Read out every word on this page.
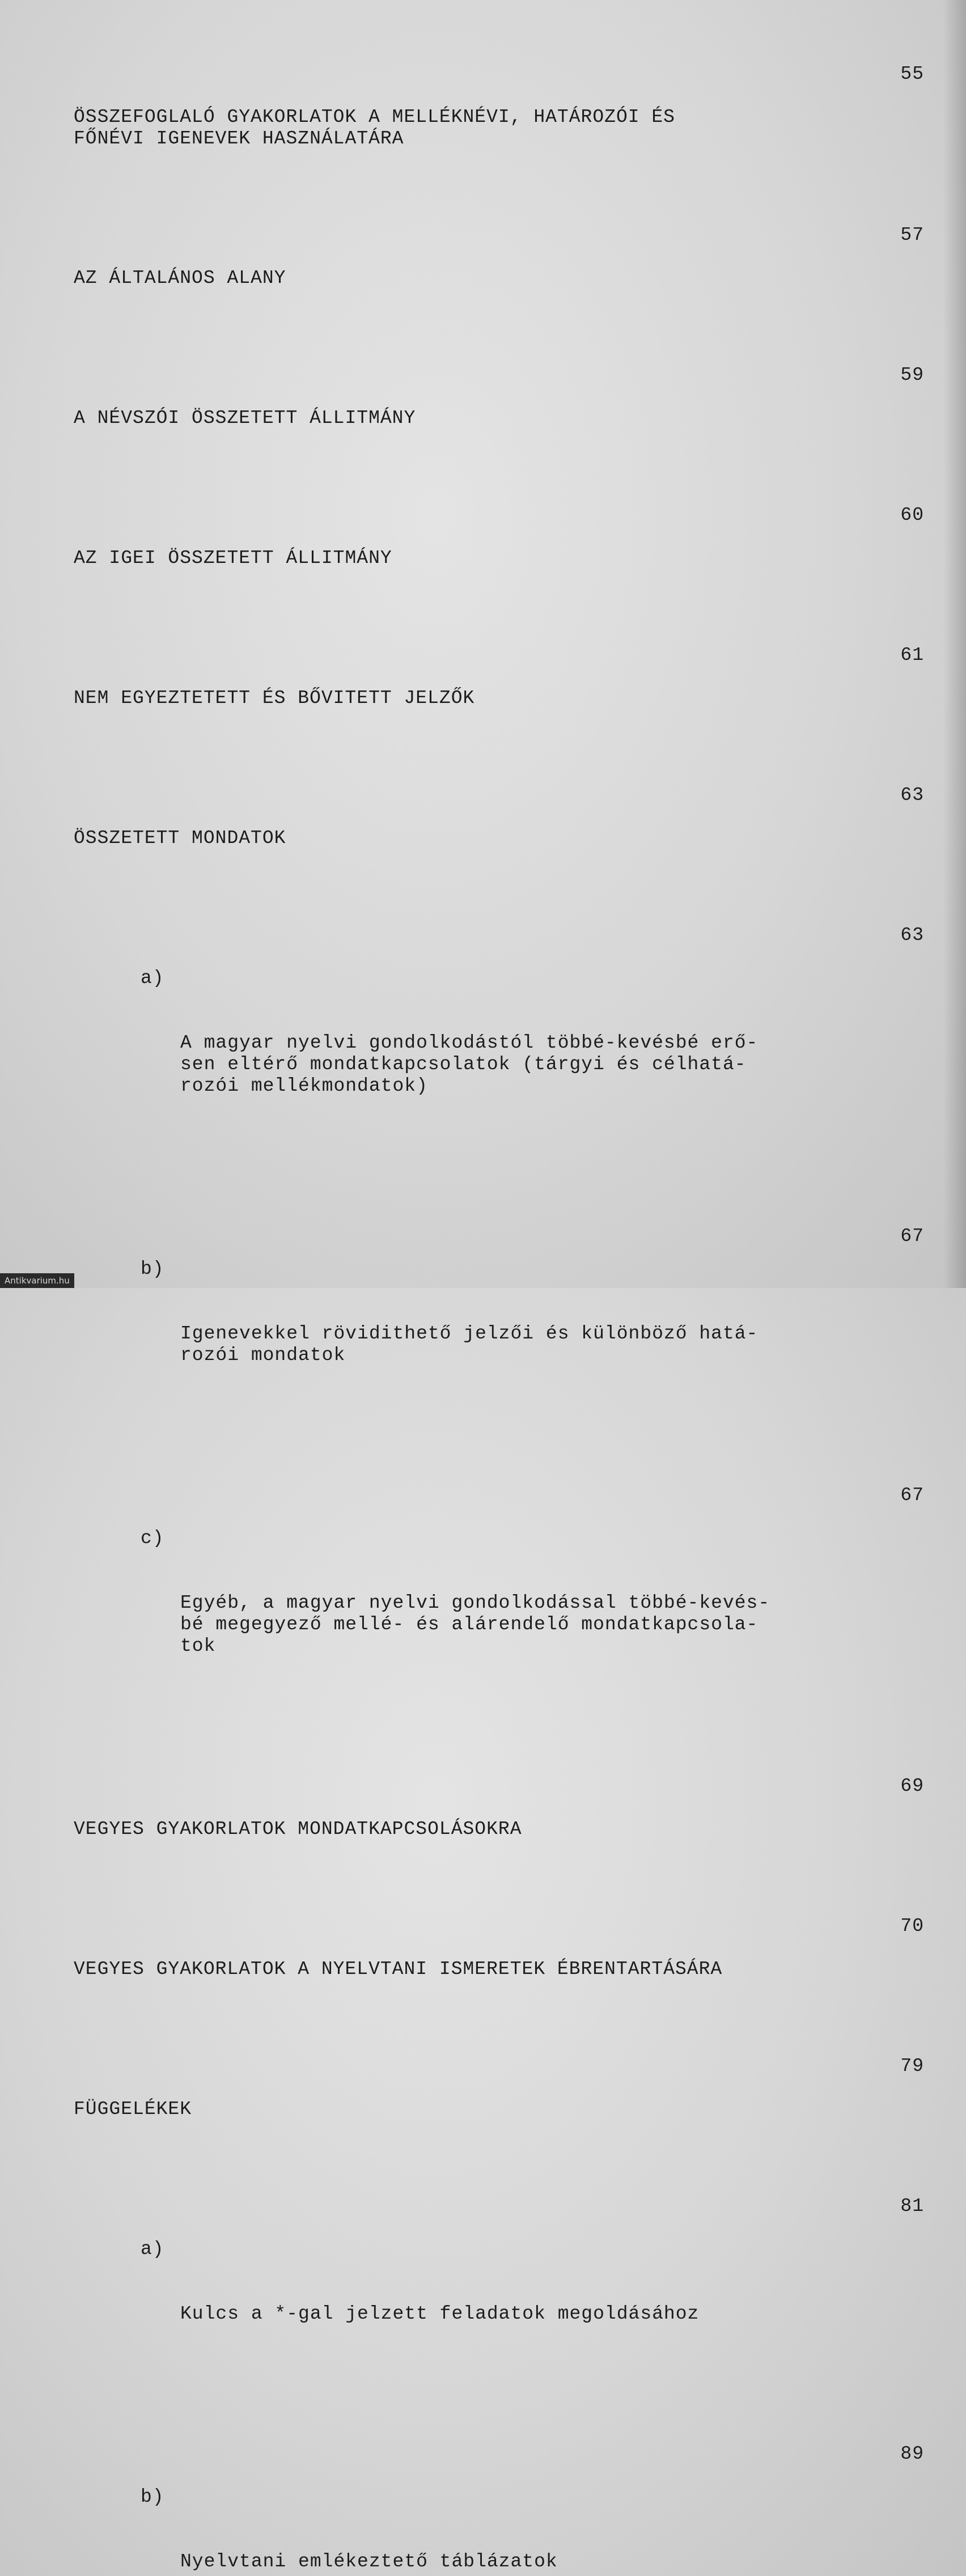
ÖSSZEFOGLALÓ GYAKORLATOK A MELLÉKNÉVI, HATÁROZÓI ÉS
FŐNÉVI IGENEVEK HASZNÁLATÁRA

55

AZ ÁLTALÁNOS ALANY

57

A NÉVSZÓI ÖSSZETETT ÁLLITMÁNY

59

AZ IGEI ÖSSZETETT ÁLLITMÁNY

60

NEM EGYEZTETETT ÉS BŐVITETT JELZŐK

61

ÖSSZETETT MONDATOK

63

a)

A magyar nyelvi gondolkodástól többé-kevésbé erő-
sen eltérő mondatkapcsolatok (tárgyi és célhatá-
rozói mellékmondatok)

63

b)

Igenevekkel rövidithető jelzői és különböző hatá-
rozói mondatok

67

c)

Egyéb, a magyar nyelvi gondolkodással többé-kevés-
bé megegyező mellé- és alárendelő mondatkapcsola-
tok

67

VEGYES GYAKORLATOK MONDATKAPCSOLÁSOKRA

69

VEGYES GYAKORLATOK A NYELVTANI ISMERETEK ÉBRENTARTÁSÁRA

70

FÜGGELÉKEK

79

a)

Kulcs a *-gal jelzett feladatok megoldásához

81

b)

Nyelvtani emlékeztető táblázatok

89

Antikvarium.hu
